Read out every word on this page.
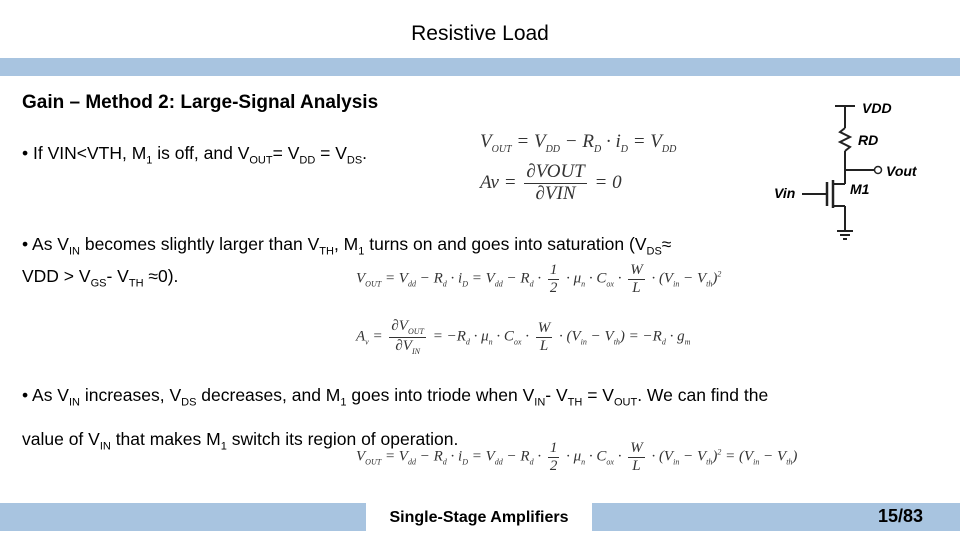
Resistive Load
Gain – Method 2: Large-Signal Analysis
• If VIN<VTH, $M_1$ is off, and $V_{OUT}= V_{DD} = V_{DS}$.
$V_{OUT} = V_{DD} - R_D \cdot i_D = V_{DD}$
$Av = \frac{\text{∂VOUT}}{\text{∂VIN}} = 0$
VDD
RD
Vout
Vin	M1
• As $V_{IN}$ becomes slightly larger than $V_{TH}$, $M_1$ turns on and goes into saturation ($V_{DS}\approx$
VDD > $V_{GS}-$ $V_{TH} \approx 0$).	$V_{OUT} = V_{dd} - R_d \cdot i_D = V_{dd} - R_d \cdot \frac{1}{2} \cdot \mu_n \cdot C_{ox} \cdot \frac{W}{L} \cdot (V_{in} - V_{th})^2$
$A_v = \frac{\partial V_{OUT}}{\partial V_{IN}} = -R_d \cdot \mu_n \cdot C_{ox} \cdot \frac{W}{L} \cdot (V_{in} - V_{th}) = -R_d \cdot g_m$
• As $V_{IN}$ increases, $V_{DS}$ decreases, and $M_1$ goes into triode when $V_{IN}-$ $V_{TH} = V_{OUT}$. We can find the
value of $V_{IN}$ that makes $M_1$ switch its region of operation.
$V_{OUT} = V_{dd} - R_d \cdot i_D = V_{dd} - R_d \cdot \frac{1}{2} \cdot \mu_n \cdot C_{ox} \cdot \frac{W}{L} \cdot (V_{in} - V_{th})^2 = (V_{in} - V_{th})$
Single-Stage Amplifiers	15/83
